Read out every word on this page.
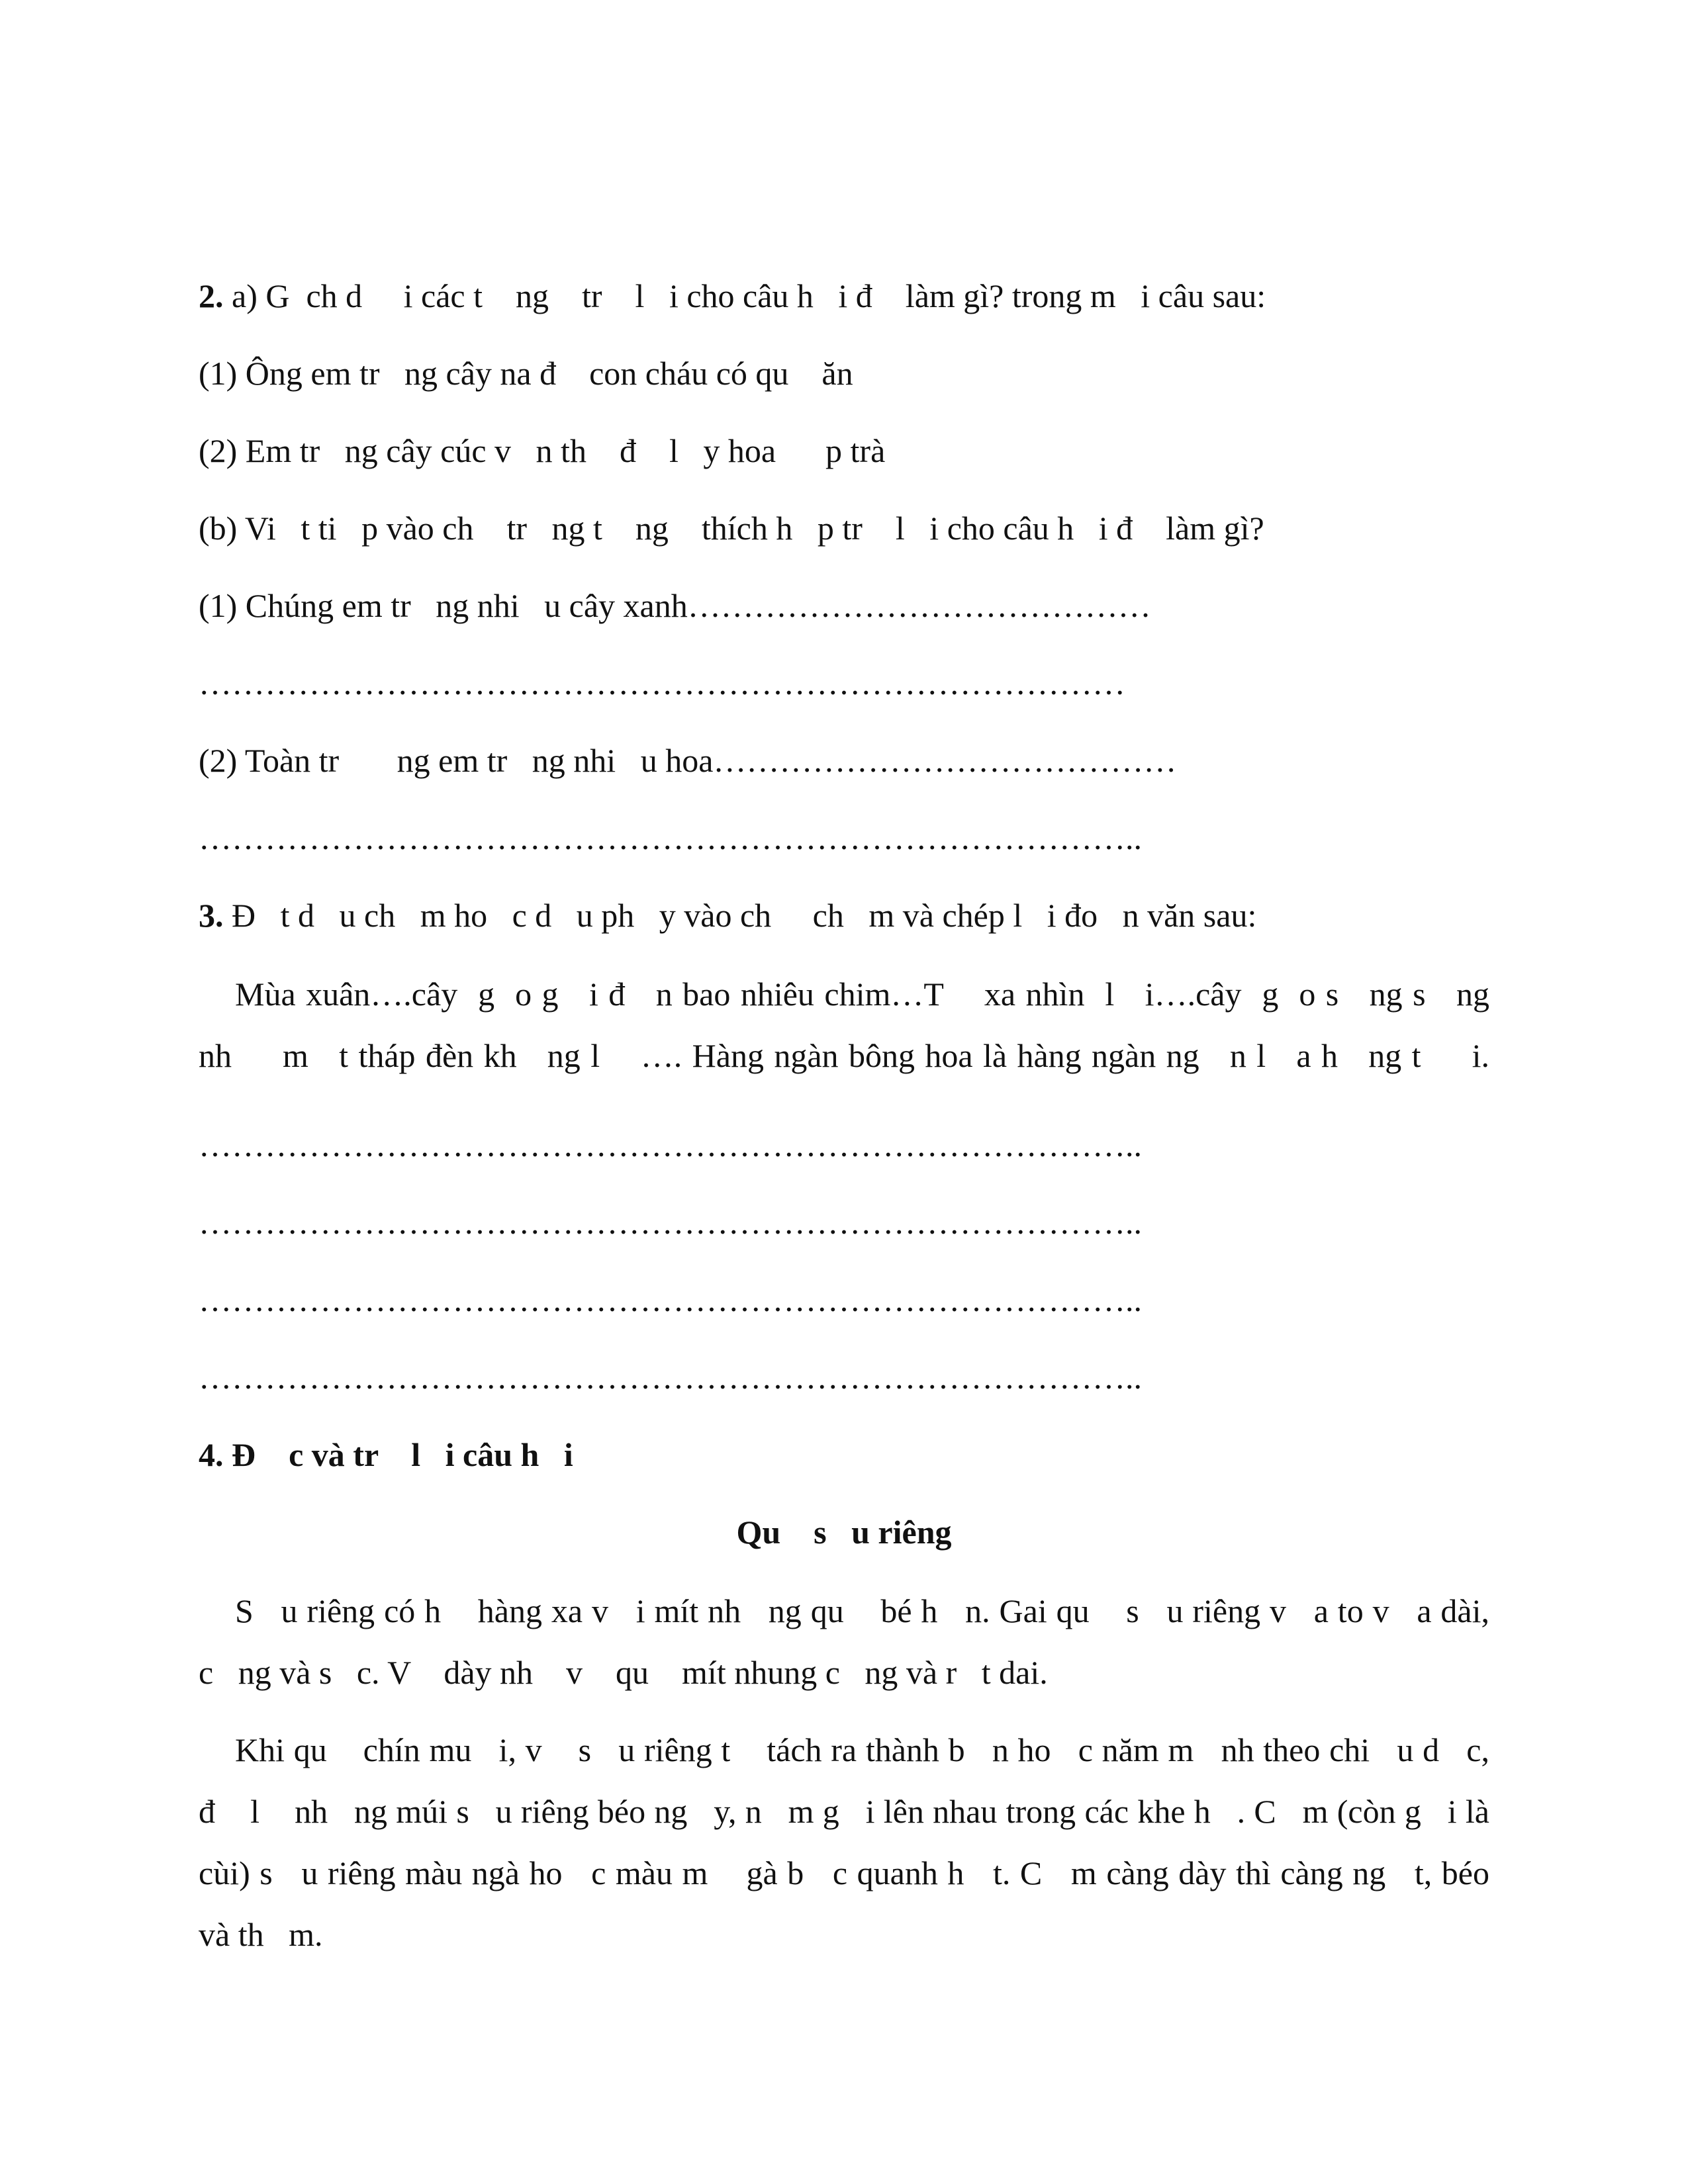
2. a) G  ch d     i các t    ng    tr    l   i cho câu h   i đ    làm gì? trong m   i câu sau:
(1) Ông em tr   ng cây na đ    con cháu có qu    ăn
(2) Em tr   ng cây cúc v   n th    đ    l   y hoa      p trà
(b) Vi   t ti   p vào ch    tr   ng t    ng    thích h   p tr    l   i cho câu h   i đ    làm gì?
(1) Chúng em tr   ng nhi   u cây xanh……………………………………
…………………………………………………………………………
(2) Toàn tr       ng em tr   ng nhi   u hoa……………………………………
…………………………………………………………………………..
3. Đ   t d   u ch   m ho   c d   u ph   y vào ch     ch   m và chép l   i đo   n văn sau:
Mùa xuân….cây  g  o g   i đ   n bao nhiêu chim…T    xa nhìn  l   i….cây  g  o s   ng s   ng
nh     m   t tháp đèn kh   ng l    …. Hàng ngàn bông hoa là hàng ngàn ng   n l   a h   ng t     i.
…………………………………………………………………………..
…………………………………………………………………………..
…………………………………………………………………………..
…………………………………………………………………………..
4. Đ    c và tr    l   i câu h   i
Qu    s   u riêng
S   u riêng có h    hàng xa v   i mít nh   ng qu    bé h   n. Gai qu    s   u riêng v   a to v   a dài,
c   ng và s   c. V    dày nh    v    qu    mít nhung c   ng và r   t dai.
Khi qu    chín mu   i, v    s   u riêng t    tách ra thành b   n ho   c năm m   nh theo chi   u d   c,
đ    l    nh   ng múi s   u riêng béo ng   y, n   m g   i lên nhau trong các khe h   . C   m (còn g   i là
cùi) s   u riêng màu ngà ho   c màu m    gà b   c quanh h   t. C   m càng dày thì càng ng   t, béo
và th   m.
